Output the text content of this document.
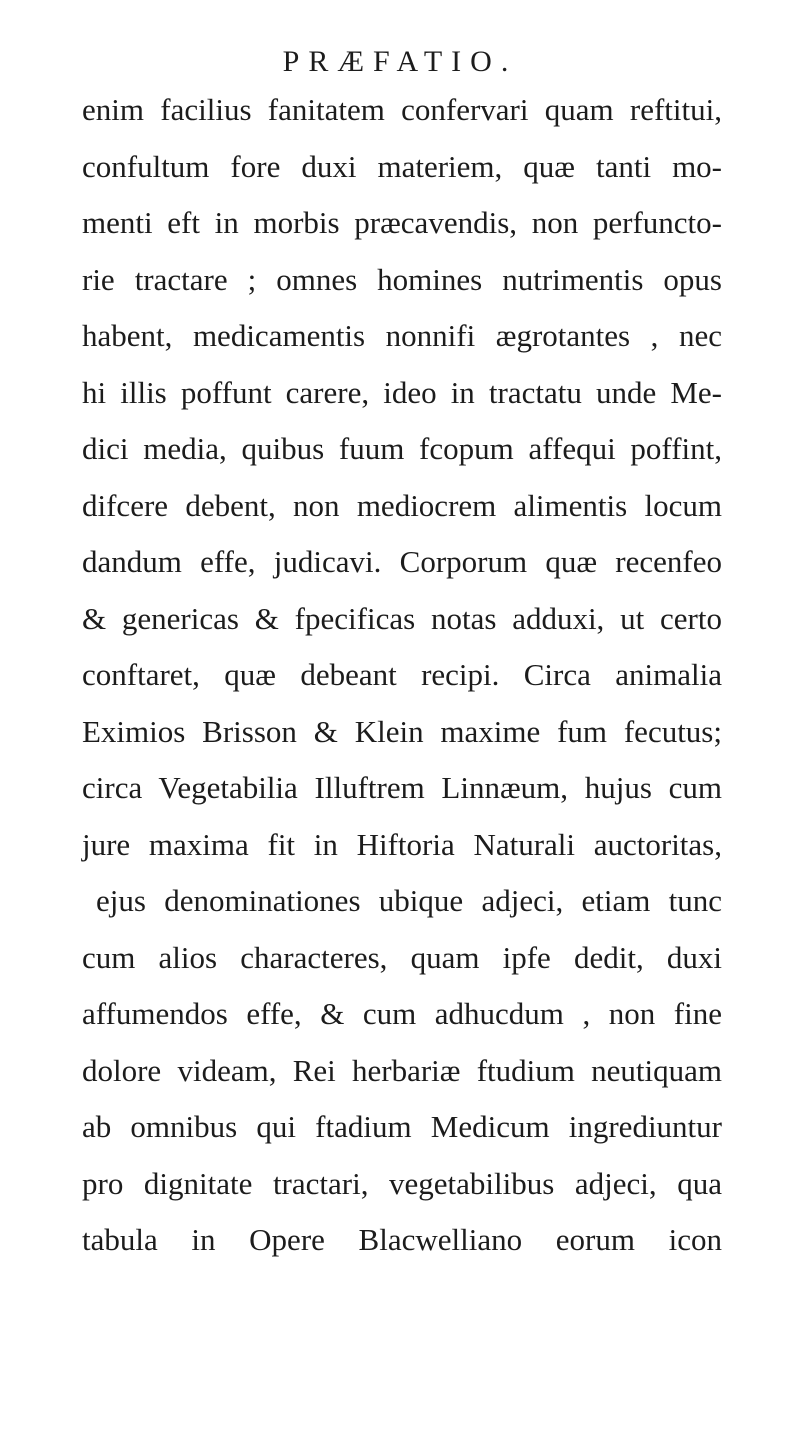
PRÆFATIO.
enim facilius fanitatem confervari quam reftitui,
confultum fore duxi materiem, quæ tanti mo-
menti eft in morbis præcavendis, non perfuncto-
rie tractare ; omnes homines nutrimentis opus
habent, medicamentis nonnifi ægrotantes , nec
hi illis poffunt carere, ideo in tractatu unde Me-
dici media, quibus fuum fcopum affequi poffint,
difcere debent, non mediocrem alimentis locum
dandum effe, judicavi. Corporum quæ recenfeo
& genericas & fpecificas notas adduxi, ut certo
conftaret, quæ debeant recipi. Circa animalia
Eximios Brisson & Klein maxime fum fecutus;
circa Vegetabilia Illuftrem Linnæum, hujus cum
jure maxima fit in Hiftoria Naturali auctoritas,
ejus denominationes ubique adjeci, etiam tunc
cum alios characteres, quam ipfe dedit, duxi
affumendos effe, & cum adhucdum , non fine
dolore videam, Rei herbariæ ftudium neutiquam
ab omnibus qui ftadium Medicum ingrediuntur
pro dignitate tractari, vegetabilibus adjeci, qua
tabula in Opere Blacwelliano eorum icon
